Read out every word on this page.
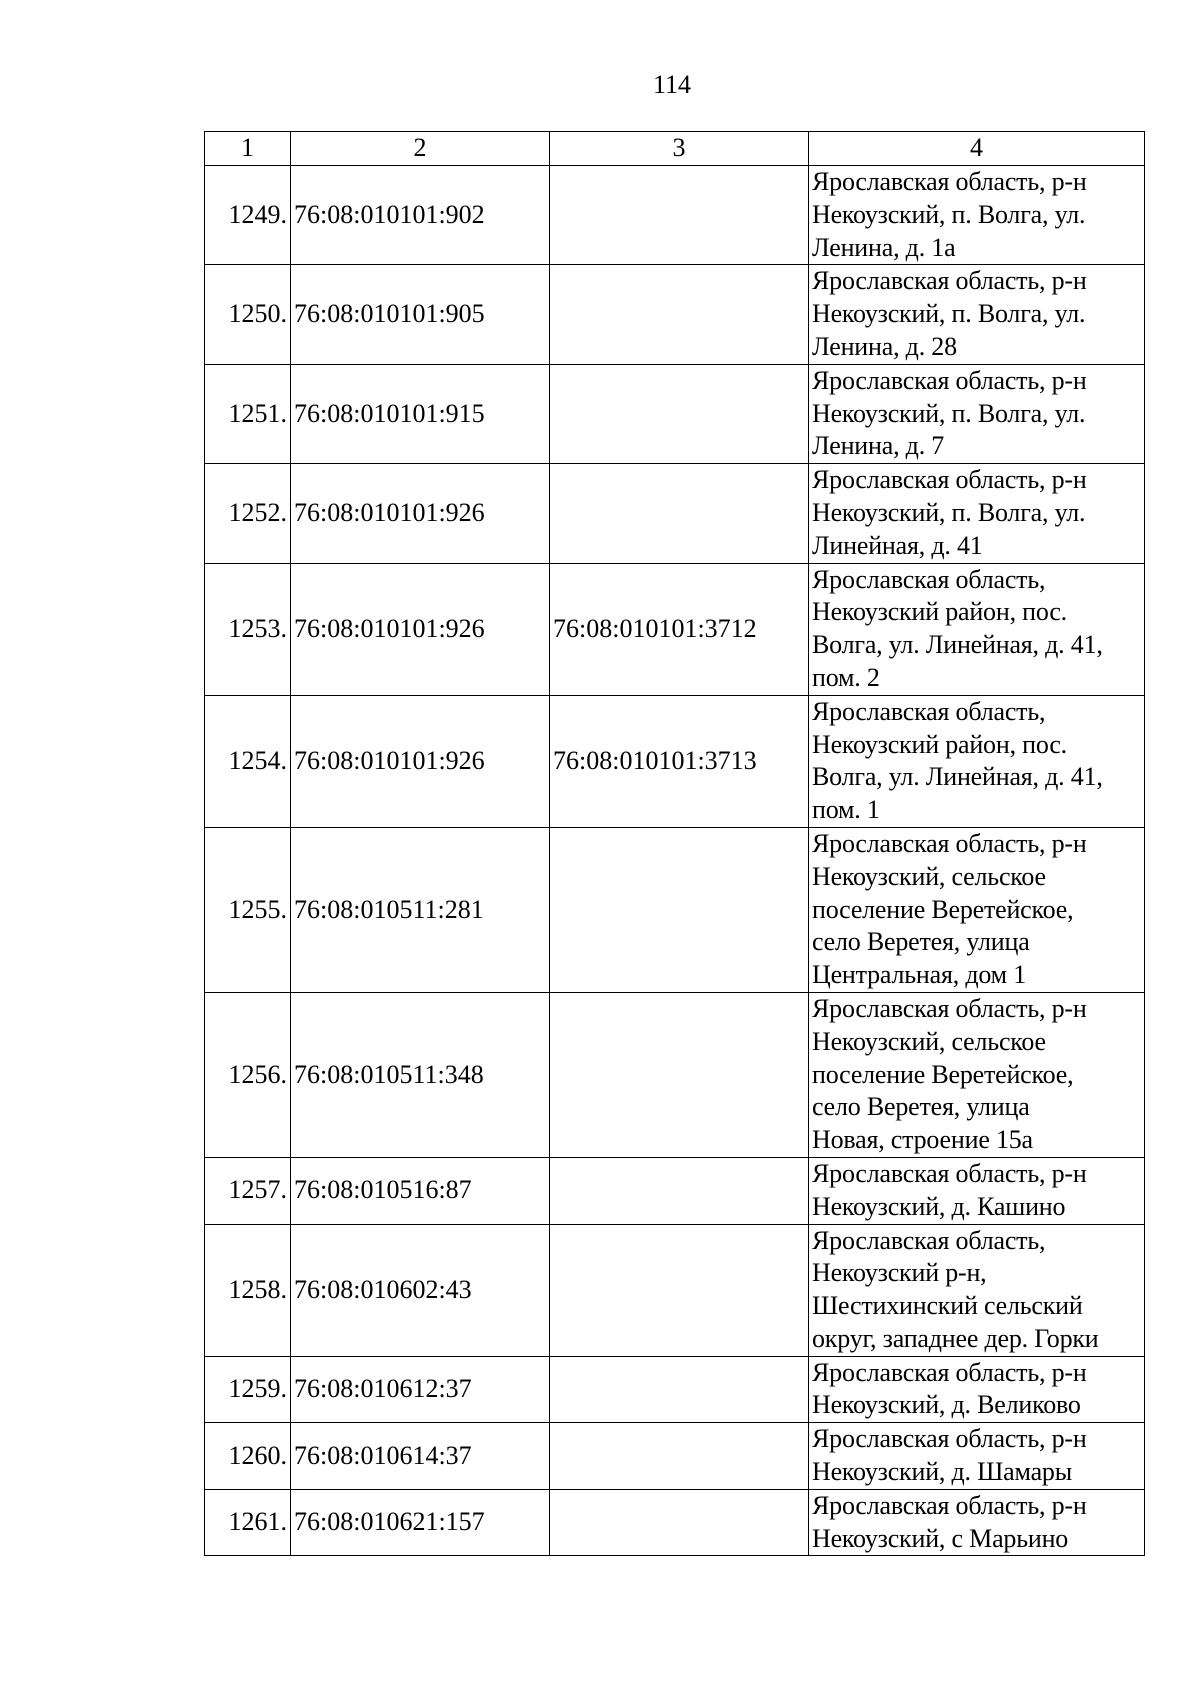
114
1	2	3	4
1249.	76:08:010101:902		Ярославская область, р-н
Некоузский, п. Волга, ул.
Ленина, д. 1а

1250.	76:08:010101:905		Ярославская область, р-н
Некоузский, п. Волга, ул.
Ленина, д. 28

1251.	76:08:010101:915		Ярославская область, р-н
Некоузский, п. Волга, ул.
Ленина, д. 7

1252.	76:08:010101:926		Ярославская область, р-н
Некоузский, п. Волга, ул.
Линейная, д. 41

1253.	76:08:010101:926	76:08:010101:3712	Ярославская область,
Некоузский район, пос.
Волга, ул. Линейная, д. 41,
пом. 2

1254.	76:08:010101:926	76:08:010101:3713	Ярославская область,
Некоузский район, пос.
Волга, ул. Линейная, д. 41,
пом. 1

1255.	76:08:010511:281		Ярославская область, р-н
Некоузский, сельское
поселение Веретейское,
село Веретея, улица
Центральная, дом 1

1256.	76:08:010511:348		Ярославская область, р-н
Некоузский, сельское
поселение Веретейское,
село Веретея, улица
Новая, строение 15а

1257.	76:08:010516:87		Ярославская область, р-н
Некоузский, д. Кашино

1258.	76:08:010602:43		Ярославская область,
Некоузский р-н,
Шестихинский сельский
округ, западнее дер. Горки

1259.	76:08:010612:37		Ярославская область, р-н
Некоузский, д. Великово

1260.	76:08:010614:37		Ярославская область, р-н
Некоузский, д. Шамары

1261.	76:08:010621:157		Ярославская область, р-н
Некоузский, с Марьино
